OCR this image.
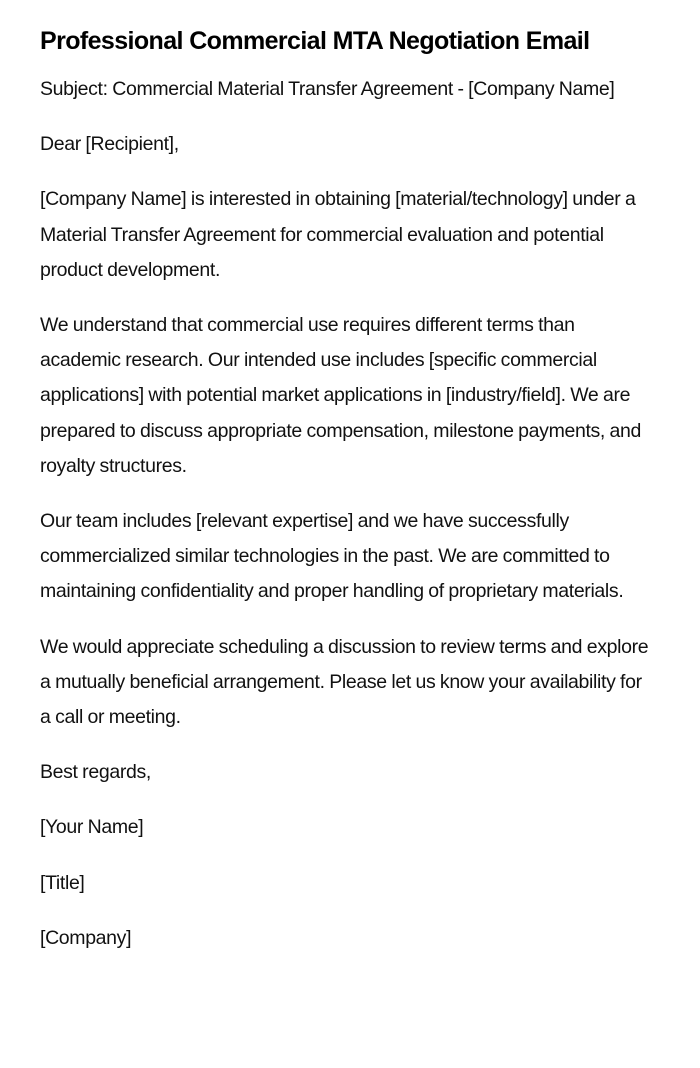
Professional Commercial MTA Negotiation Email

Subject: Commercial Material Transfer Agreement - [Company Name]

Dear [Recipient],

[Company Name] is interested in obtaining [material/technology] under a Material Transfer Agreement for commercial evaluation and potential product development.

We understand that commercial use requires different terms than academic research. Our intended use includes [specific commercial applications] with potential market applications in [industry/field]. We are prepared to discuss appropriate compensation, milestone payments, and royalty structures.

Our team includes [relevant expertise] and we have successfully commercialized similar technologies in the past. We are committed to maintaining confidentiality and proper handling of proprietary materials.

We would appreciate scheduling a discussion to review terms and explore a mutually beneficial arrangement. Please let us know your availability for a call or meeting.

Best regards,

[Your Name]

[Title]

[Company]
